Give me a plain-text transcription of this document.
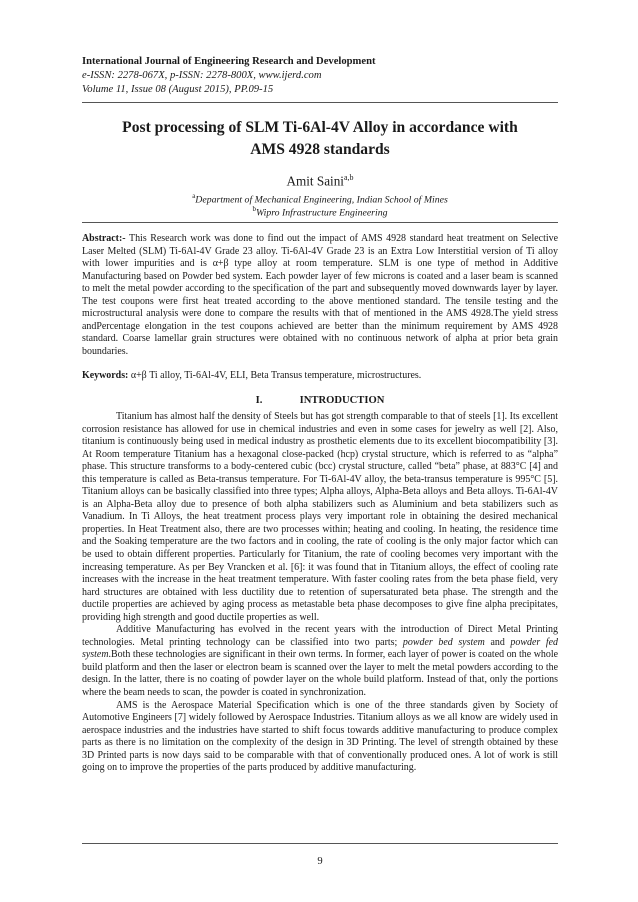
International Journal of Engineering Research and Development
e-ISSN: 2278-067X, p-ISSN: 2278-800X, www.ijerd.com
Volume 11, Issue 08 (August 2015), PP.09-15
Post processing of SLM Ti-6Al-4V Alloy in accordance with
AMS 4928 standards
Amit Saini$^{a,b}$
$^a$Department of Mechanical Engineering, Indian School of Mines
$^b$Wipro Infrastructure Engineering
Abstract:- This Research work was done to find out the impact of AMS 4928 standard heat treatment on Selective Laser Melted (SLM) Ti-6Al-4V Grade 23 alloy. Ti-6Al-4V Grade 23 is an Extra Low Interstitial version of Ti alloy with lower impurities and is α+β type alloy at room temperature. SLM is one type of method in Additive Manufacturing based on Powder bed system. Each powder layer of few microns is coated and a laser beam is scanned to melt the metal powder according to the specification of the part and subsequently moved downwards layer by layer. The test coupons were first heat treated according to the above mentioned standard. The tensile testing and the microstructural analysis were done to compare the results with that of mentioned in the AMS 4928.The yield stress andPercentage elongation in the test coupons achieved are better than the minimum requirement by AMS 4928 standard. Coarse lamellar grain structures were obtained with no continuous network of alpha at prior beta grain boundaries.
Keywords: α+β Ti alloy, Ti-6Al-4V, ELI, Beta Transus temperature, microstructures.
I.	INTRODUCTION

Titanium has almost half the density of Steels but has got strength comparable to that of steels [1]. Its excellent corrosion resistance has allowed for use in chemical industries and even in some cases for jewelry as well [2]. Also, titanium is continuously being used in medical industry as prosthetic elements due to its excellent biocompatibility [3]. At Room temperature Titanium has a hexagonal close-packed (hcp) crystal structure, which is referred to as “alpha” phase. This structure transforms to a body-centered cubic (bcc) crystal structure, called “beta” phase, at 883°C [4] and this temperature is called as Beta-transus temperature. For Ti-6Al-4V alloy, the beta-transus temperature is 995°C [5]. Titanium alloys can be basically classified into three types; Alpha alloys, Alpha-Beta alloys and Beta alloys. Ti-6Al-4V is an Alpha-Beta alloy due to presence of both alpha stabilizers such as Aluminium and beta stabilizers such as Vanadium. In Ti Alloys, the heat treatment process plays very important role in obtaining the desired mechanical properties. In Heat Treatment also, there are two processes within; heating and cooling. In heating, the residence time and the Soaking temperature are the two factors and in cooling, the rate of cooling is the only major factor which can be used to obtain different properties. Particularly for Titanium, the rate of cooling becomes very important with the increasing temperature. As per Bey Vrancken et al. [6]: it was found that in Titanium alloys, the effect of cooling rate increases with the increase in the heat treatment temperature. With faster cooling rates from the beta phase field, very hard structures are obtained with less ductility due to retention of supersaturated beta phase. The strength and the ductile properties are achieved by aging process as metastable beta phase decomposes to give fine alpha precipitates, providing high strength and good ductile properties as well.

Additive Manufacturing has evolved in the recent years with the introduction of Direct Metal Printing technologies. Metal printing technology can be classified into two parts; powder bed system and powder fed system.Both these technologies are significant in their own terms. In former, each layer of power is coated on the whole build platform and then the laser or electron beam is scanned over the layer to melt the metal powders according to the design. In the latter, there is no coating of powder layer on the whole build platform. Instead of that, only the portions where the beam needs to scan, the powder is coated in synchronization.

AMS is the Aerospace Material Specification which is one of the three standards given by Society of Automotive Engineers [7] widely followed by Aerospace Industries. Titanium alloys as we all know are widely used in aerospace industries and the industries have started to shift focus towards additive manufacturing to produce complex parts as there is no limitation on the complexity of the design in 3D Printing. The level of strength obtained by these 3D Printed parts is now days said to be comparable with that of conventionally produced ones. A lot of work is still going on to improve the properties of the parts produced by additive manufacturing.

9
